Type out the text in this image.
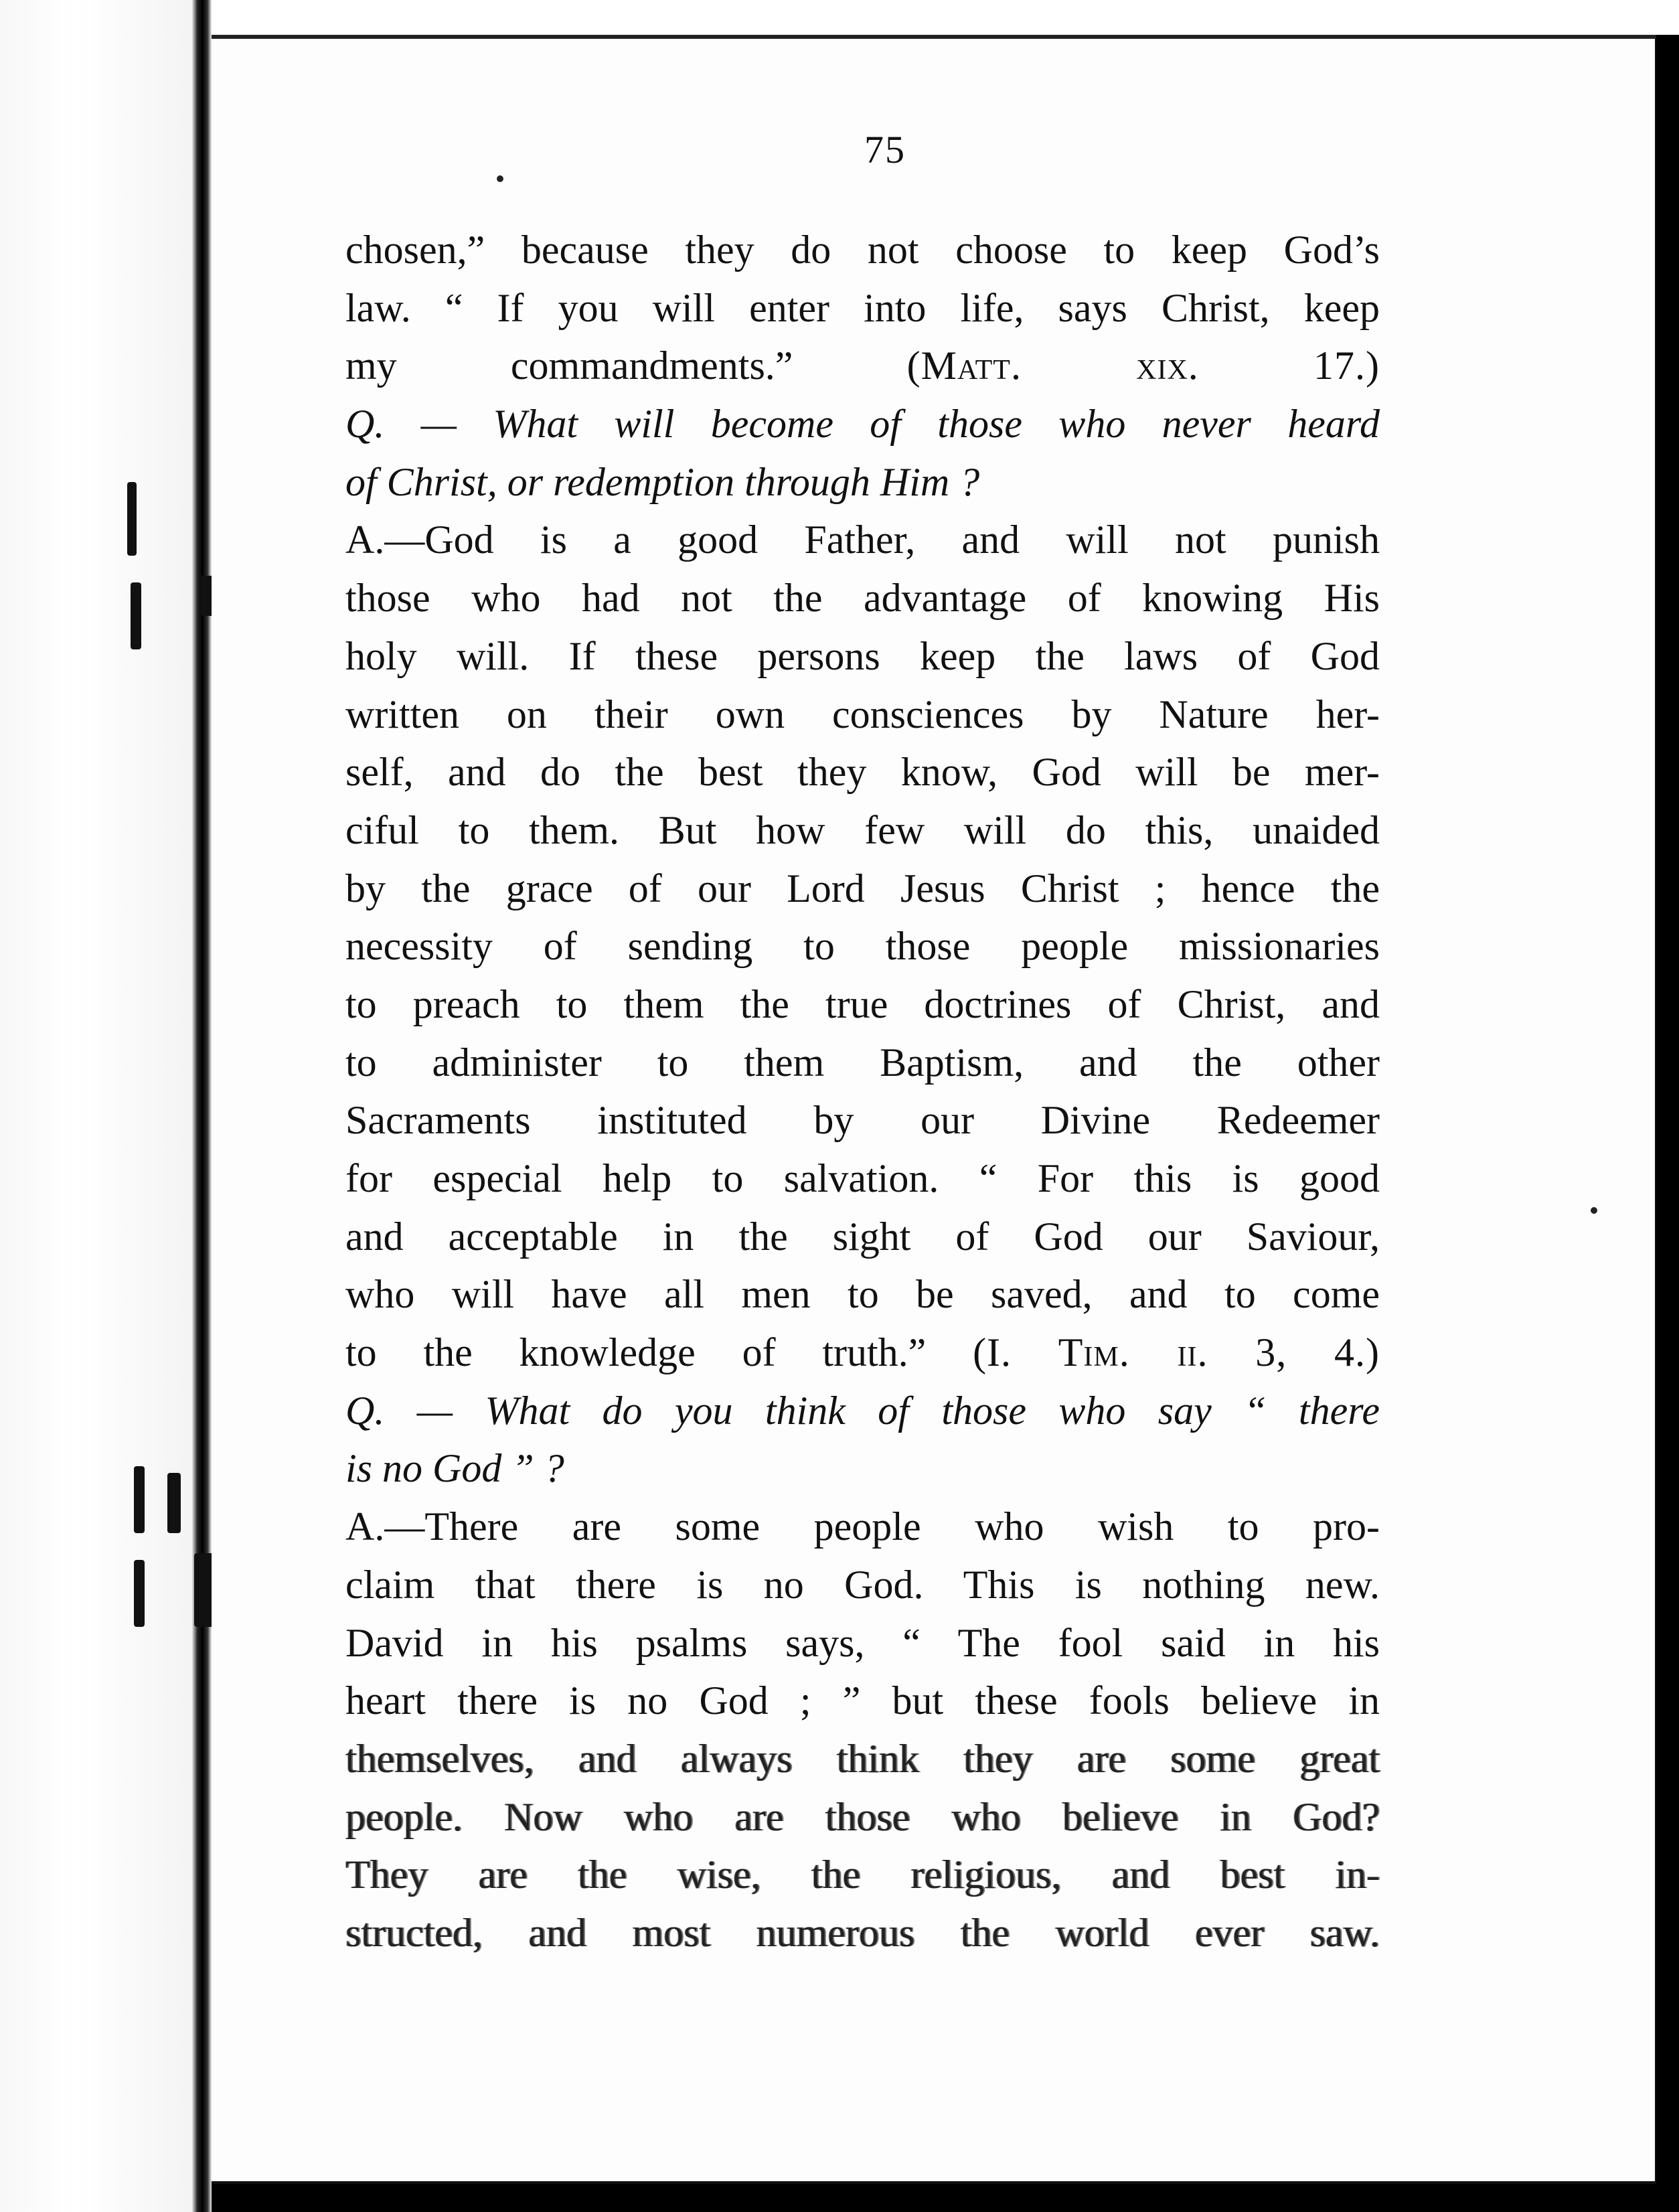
75
chosen,” because they do not choose to keep God’s
law. “ If you will enter into life, says Christ, keep
my commandments.” (Matt. xix. 17.)
Q. — What will become of those who never heard
of Christ, or redemption through Him ?
A.—God is a good Father, and will not punish
those who had not the advantage of knowing His
holy will. If these persons keep the laws of God
written on their own consciences by Nature her-
self, and do the best they know, God will be mer-
ciful to them. But how few will do this, unaided
by the grace of our Lord Jesus Christ ; hence the
necessity of sending to those people missionaries
to preach to them the true doctrines of Christ, and
to administer to them Baptism, and the other
Sacraments instituted by our Divine Redeemer
for especial help to salvation. “ For this is good
and acceptable in the sight of God our Saviour,
who will have all men to be saved, and to come
to the knowledge of truth.” (I. Tim. ii. 3, 4.)
Q. — What do you think of those who say “ there
is no God ” ?
A.—There are some people who wish to pro-
claim that there is no God. This is nothing new.
David in his psalms says, “ The fool said in his
heart there is no God ; ” but these fools believe in
themselves, and always think they are some great
people. Now who are those who believe in God?
They are the wise, the religious, and best in-
structed, and most numerous the world ever saw.
